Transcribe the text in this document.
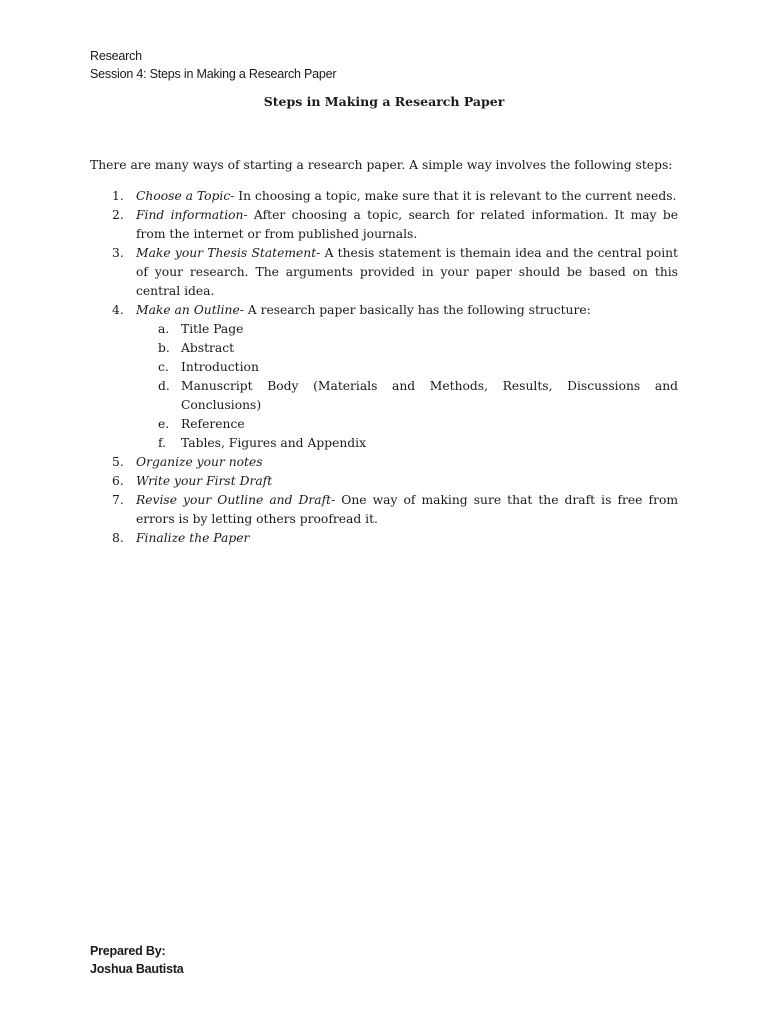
Research
Session 4: Steps in Making a Research Paper
Steps in Making a Research Paper

There are many ways of starting a research paper. A simple way involves the following steps:

1. Choose a Topic- In choosing a topic, make sure that it is relevant to the current needs.
2. Find information- After choosing a topic, search for related information. It may be from the internet or from published journals.
3. Make your Thesis Statement- A thesis statement is themain idea and the central point of your research. The arguments provided in your paper should be based on this central idea.
4. Make an Outline- A research paper basically has the following structure:
a. Title Page
b. Abstract
c. Introduction
d. Manuscript Body (Materials and Methods, Results, Discussions and Conclusions)
e. Reference
f. Tables, Figures and Appendix
5. Organize your notes
6. Write your First Draft
7. Revise your Outline and Draft- One way of making sure that the draft is free from errors is by letting others proofread it.
8. Finalize the Paper
Prepared By:
Joshua Bautista
